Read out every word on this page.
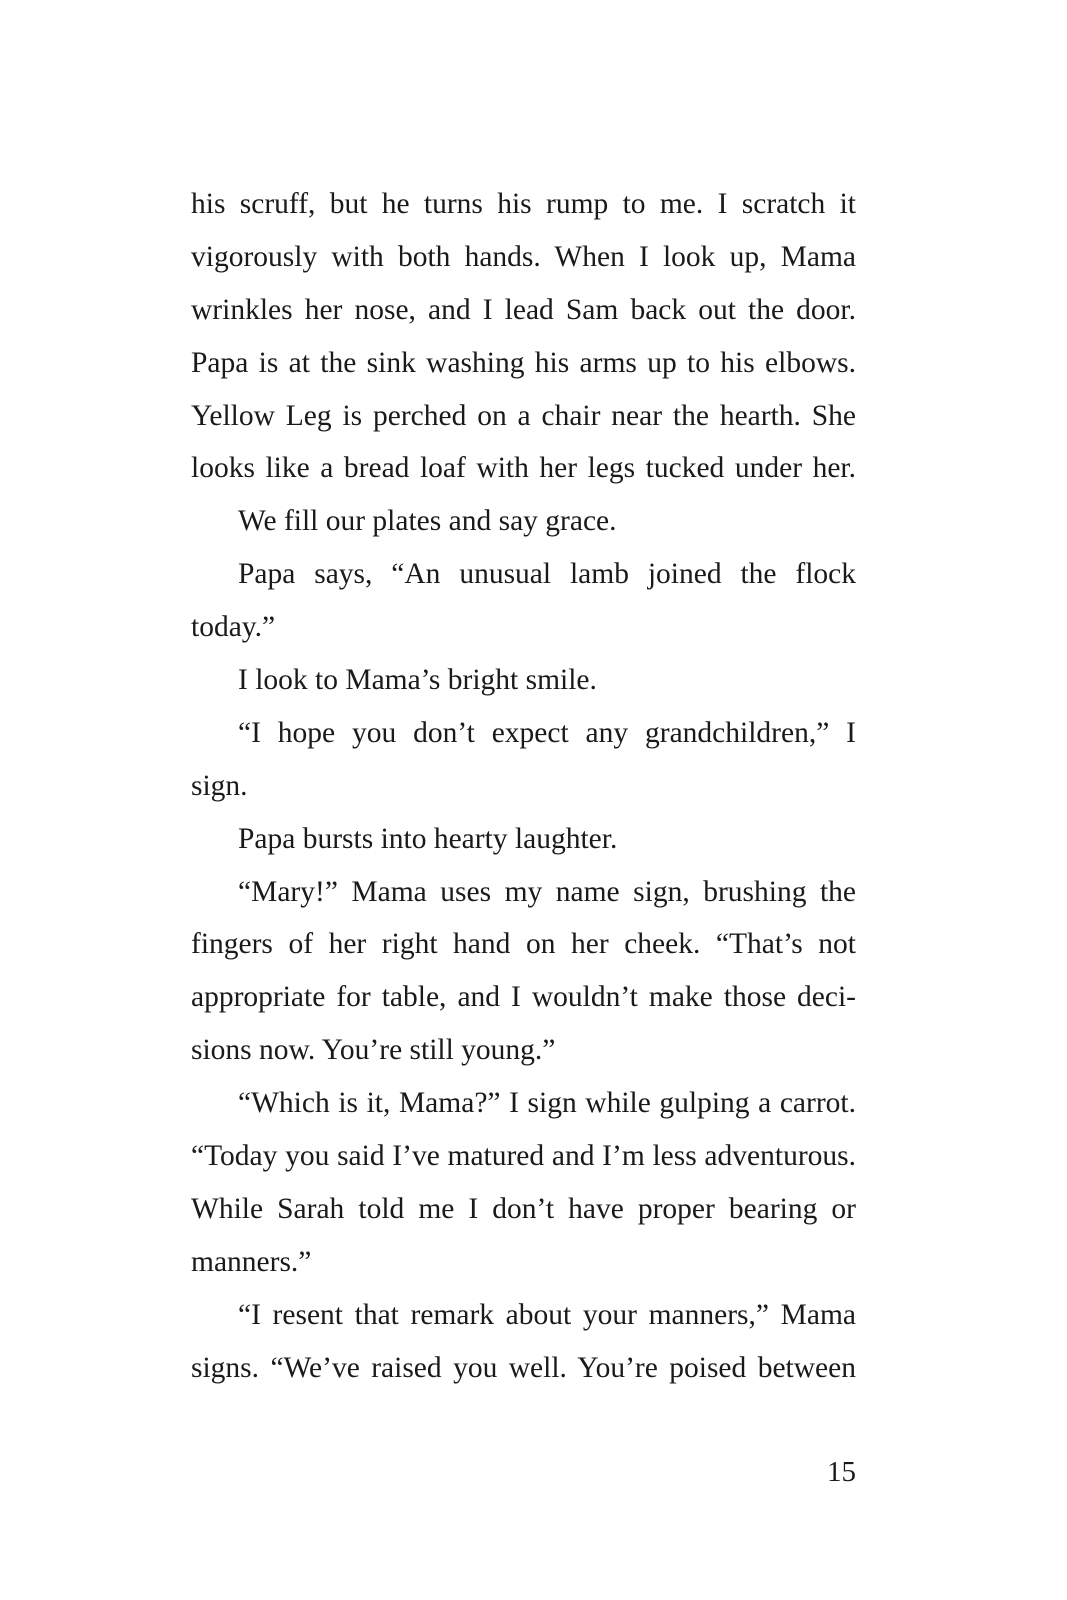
his scruff, but he turns his rump to me. I scratch it
vigorously with both hands. When I look up, Mama
wrinkles her nose, and I lead Sam back out the door.
Papa is at the sink washing his arms up to his elbows.
Yellow Leg is perched on a chair near the hearth. She
looks like a bread loaf with her legs tucked under her.
We fill our plates and say grace.
Papa says, “An unusual lamb joined the flock
today.”
I look to Mama’s bright smile.
“I hope you don’t expect any grandchildren,” I
sign.
Papa bursts into hearty laughter.
“Mary!” Mama uses my name sign, brushing the
fingers of her right hand on her cheek. “That’s not
appropriate for table, and I wouldn’t make those deci-
sions now. You’re still young.”
“Which is it, Mama?” I sign while gulping a carrot.
“Today you said I’ve matured and I’m less adventurous.
While Sarah told me I don’t have proper bearing or
manners.”
“I resent that remark about your manners,” Mama
signs. “We’ve raised you well. You’re poised between
15
